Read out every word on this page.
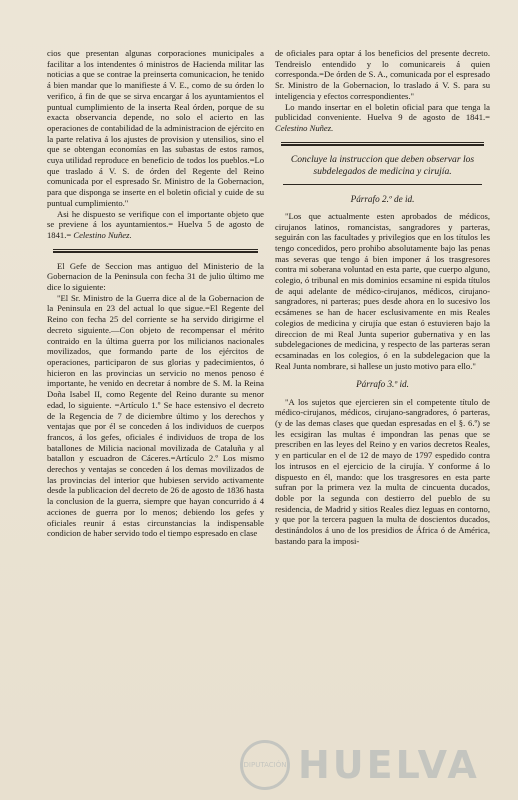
cios que presentan algunas corporaciones municipales a facilitar a los intendentes ó ministros de Hacienda militar las noticias a que se contrae la preinserta comunicacion, he tenido á bien mandar que lo manifieste á V. E., como de su órden lo verifico, á fin de que se sirva encargar á los ayuntamientos el puntual cumplimiento de la inserta Real órden, porque de su exacta observancia depende, no solo el acierto en las operaciones de contabilidad de la administracion de ejército en la parte relativa á los ajustes de provision y utensilios, sino el que se obtengan economías en las subastas de estos ramos, cuya utilidad reproduce en beneficio de todos los pueblos.=Lo que traslado á V. S. de órden del Regente del Reino comunicada por el espresado Sr. Ministro de la Gobernacion, para que disponga se inserte en el boletin oficial y cuide de su puntual cumplimiento."

Asi he dispuesto se verifique con el importante objeto que se previene á los ayuntamientos.= Huelva 5 de agosto de 1841.= Celestino Nuñez.

El Gefe de Seccion mas antiguo del Ministerio de la Gobernacion de la Peninsula con fecha 31 de julio último me dice lo siguiente:

"El Sr. Ministro de la Guerra dice al de la Gobernacion de la Peninsula en 23 del actual lo que sigue.=El Regente del Reino con fecha 25 del corriente se ha servido dirigirme el decreto siguiente.—Con objeto de recompensar el mérito contraido en la última guerra por los milicianos nacionales movilizados, que formando parte de los ejércitos de operaciones, participaron de sus glorias y padecimientos, ó hicieron en las provincias un servicio no menos penoso é importante, he venido en decretar á nombre de S. M. la Reina Doña Isabel II, como Regente del Reino durante su menor edad, lo siguiente. =Artículo 1.º Se hace estensivo el decreto de la Regencia de 7 de diciembre último y los derechos y ventajas que por él se conceden á los individuos de cuerpos francos, á los gefes, oficiales é individuos de tropa de los batallones de Milicia nacional movilizada de Cataluña y al batallon y escuadron de Cáceres.=Artículo 2.º Los mismo derechos y ventajas se conceden á los demas movilizados de las provincias del interior que hubiesen servido activamente desde la publicacion del decreto de 26 de agosto de 1836 hasta la conclusion de la guerra, siempre que hayan concurrido á 4 acciones de guerra por lo menos; debiendo los gefes y oficiales reunir á estas circunstancias la indispensable condicion de haber servido todo el tiempo espresado en clase

de oficiales para optar á los beneficios del presente decreto. Tendreislo entendido y lo comunicareis á quien corresponda.=De órden de S. A., comunicada por el espresado Sr. Ministro de la Gobernacion, lo traslado á V. S. para su inteligencia y efectos correspondientes."

Lo mando insertar en el boletin oficial para que tenga la publicidad conveniente. Huelva 9 de agosto de 1841.= Celestino Nuñez.

Concluye la instruccion que deben observar los subdelegados de medicina y cirujía.

Párrafo 2.º de id.

"Los que actualmente esten aprobados de médicos, cirujanos latinos, romancistas, sangradores y parteras, seguirán con las facultades y privilegios que en los títulos les tengo concedidos, pero prohibo absolutamente bajo las penas mas severas que tengo á bien imponer á los trasgresores contra mi soberana voluntad en esta parte, que cuerpo alguno, colegio, ó tribunal en mis dominios ecsamine ni espida títulos de aqui adelante de médico-cirujanos, médicos, cirujano-sangradores, ni parteras; pues desde ahora en lo sucesivo los ecsámenes se han de hacer esclusivamente en mis Reales colegios de medicina y cirujía que estan ó estuvieren bajo la direccion de mi Real Junta superior gubernativa y en las subdelegaciones de medicina, y respecto de las parteras seran ecsaminadas en los colegios, ó en la subdelegacion que la Real Junta nombrare, si hallese un justo motivo para ello."

Párrafo 3.º id.

"A los sujetos que ejercieren sin el competente título de médico-cirujanos, médicos, cirujano-sangradores, ó parteras, (y de las demas clases que quedan espresadas en el §. 6.º) se les ecsigiran las multas é impondran las penas que se prescriben en las leyes del Reino y en varios decretos Reales, y en particular en el de 12 de mayo de 1797 espedido contra los intrusos en el ejercicio de la cirujía. Y conforme á lo dispuesto en él, mando: que los trasgresores en esta parte sufran por la primera vez la multa de cincuenta ducados, doble por la segunda con destierro del pueblo de su residencia, de Madrid y sitios Reales diez leguas en contorno, y que por la tercera paguen la multa de doscientos ducados, destinándolos á uno de los presidios de África ó de América, bastando para la imposi-

DIPUTACIÓN HUELVA
